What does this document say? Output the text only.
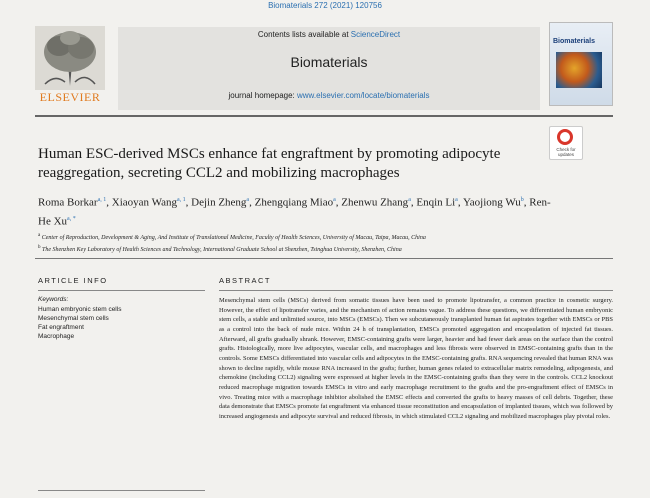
Biomaterials 272 (2021) 120756
ELSEVIER
Contents lists available at ScienceDirect
Biomaterials
journal homepage: www.elsevier.com/locate/biomaterials
Biomaterials
Check for updates
Human ESC-derived MSCs enhance fat engraftment by promoting adipocyte reaggregation, secreting CCL2 and mobilizing macrophages
Roma Borkar$^{a, 1}$, Xiaoyan Wang$^{a, 1}$, Dejin Zheng$^a$, Zhengqiang Miao$^a$, Zhenwu Zhang$^a$, Enqin Li$^a$, Yaojiong Wu$^b$, Ren-He $Xu^{a, *}$
$^a$ Center of Reproduction, Development & Aging, And Institute of Translational Medicine, Faculty of Health Sciences, University of Macau, Taipa, Macau, China
$^b$ The Shenzhen Key Laboratory of Health Sciences and Technology, International Graduate School at Shenzhen, Tsinghua University, Shenzhen, China
ARTICLE INFO	ABSTRACT
Keywords:
Human embryonic stem cells
Mesenchymal stem cells
Fat engraftment
Macrophage
Mesenchymal stem cells (MSCs) derived from somatic tissues have been used to promote lipotransfer, a common practice in cosmetic surgery. However, the effect of lipotransfer varies, and the mechanism of action remains vague. To address these questions, we differentiated human embryonic stem cells, a stable and unlimited source, into MSCs (EMSCs). Then we subcutaneously transplanted human fat aspirates together with EMSCs or PBS as a control into the back of nude mice. Within 24 h of transplantation, EMSCs promoted aggregation and encapsulation of injected fat tissues. Afterward, all grafts gradually shrank. However, EMSC-containing grafts were larger, heavier and had fewer dark areas on the surface than the control grafts. Histologically, more live adipocytes, vascular cells, and macrophages and less fibrosis were observed in EMSC-containing grafts than in the controls. Some EMSCs differentiated into vascular cells and adipocytes in the EMSC-containing grafts. RNA sequencing revealed that human RNA was shown to decline rapidly, while mouse RNA increased in the grafts; further, human genes related to extracellular matrix remodeling, adipogenesis, and chemokine (including CCL2) signaling were expressed at higher levels in the EMSC-containing grafts than they were in the controls. CCL2 knockout reduced macrophage migration towards EMSCs in vitro and early macrophage recruitment to the grafts and the pro-engraftment effect of EMSCs in vivo. Treating mice with a macrophage inhibitor abolished the EMSC effects and converted the grafts to heavy masses of cell debris. Together, these data demonstrate that EMSCs promote fat engraftment via enhanced tissue reconstitution and encapsulation of implanted tissues, which was followed by increased angiogenesis and adipocyte survival and reduced fibrosis, in which stimulated CCL2 signaling and mobilized macrophages play pivotal roles.
